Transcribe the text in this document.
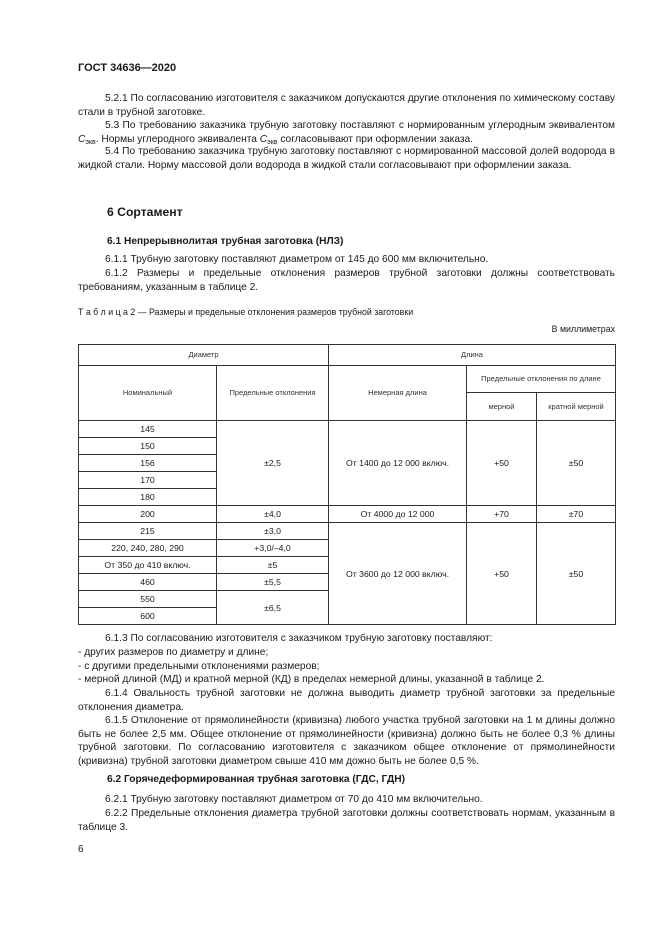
ГОСТ 34636—2020
5.2.1 По согласованию изготовителя с заказчиком допускаются другие отклонения по химическому составу стали в трубной заготовке.
5.3 По требованию заказчика трубную заготовку поставляют с нормированным углеродным эквивалентом $С_{экв}$. Нормы углеродного эквивалента $С_{экв}$ согласовывают при оформлении заказа.
5.4 По требованию заказчика трубную заготовку поставляют с нормированной массовой долей водорода в жидкой стали. Норму массовой доли водорода в жидкой стали согласовывают при оформлении заказа.
6 Сортамент
6.1 Непрерывнолитая трубная заготовка (НЛЗ)
6.1.1 Трубную заготовку поставляют диаметром от 145 до 600 мм включительно.
6.1.2 Размеры и предельные отклонения размеров трубной заготовки должны соответствовать требованиям, указанным в таблице 2.
Т а б л и ц а 2 — Размеры и предельные отклонения размеров трубной заготовки
В миллиметрах
Диаметр		Длина		
Номинальный	Предельные отклонения	Немерная длина	Предельные отклонения по длине	
			мерной	кратной мерной
145	±2,5	От 1400 до 12 000 включ.	+50	±50
150				
156				
170				
180				
200	±4,0	От 4000 до 12 000	+70	±70
215	±3,0	От 3600 до 12 000 включ.	+50	±50
220, 240, 280, 290	+3,0/–4,0			
От 350 до 410 включ.	±5			
460	±5,5			
550	±6,5			
600				
6.1.3 По согласованию изготовителя с заказчиком трубную заготовку поставляют:
- других размеров по диаметру и длине;
- с другими предельными отклонениями размеров;
- мерной длиной (МД) и кратной мерной (КД) в пределах немерной длины, указанной в таблице 2.
6.1.4 Овальность трубной заготовки не должна выводить диаметр трубной заготовки за предельные отклонения диаметра.
6.1.5 Отклонение от прямолинейности (кривизна) любого участка трубной заготовки на 1 м длины должно быть не более 2,5 мм. Общее отклонение от прямолинейности (кривизна) должно быть не более 0,3 % длины трубной заготовки. По согласованию изготовителя с заказчиком общее отклонение от прямолинейности (кривизна) трубной заготовки диаметром свыше 410 мм дожно быть не более 0,5 %.
6.2 Горячедеформированная трубная заготовка (ГДС, ГДН)
6.2.1 Трубную заготовку поставляют диаметром от 70 до 410 мм включительно.
6.2.2 Предельные отклонения диаметра трубной заготовки должны соответствовать нормам, указанным в таблице 3.
6
